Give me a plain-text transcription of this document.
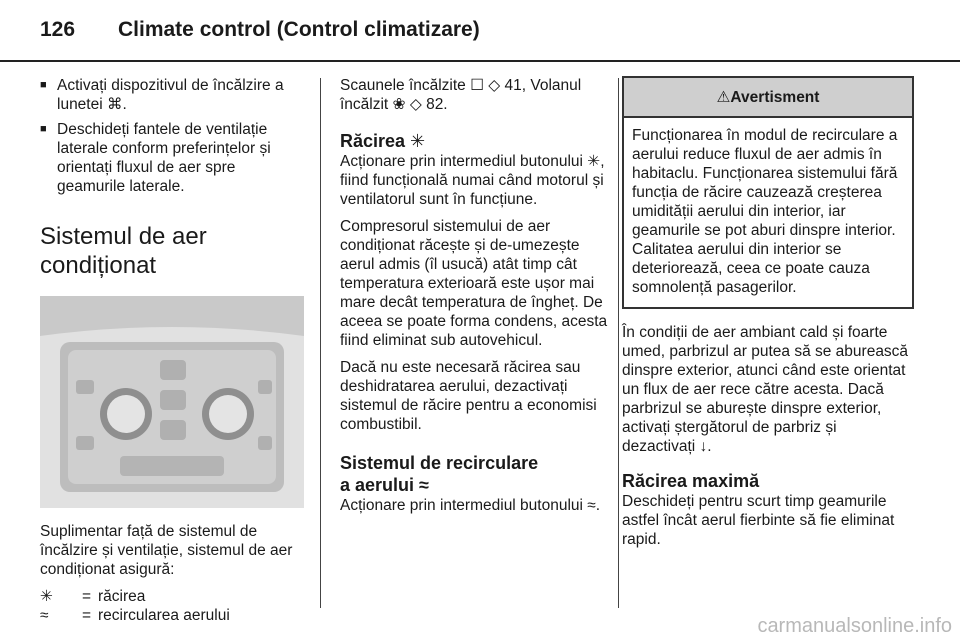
126 Climate control (Control climatizare)
■ Activați dispozitivul de încălzire a lunetei ⌘.
■ Deschideți fantele de ventilație laterale conform preferințelor și orientați fluxul de aer spre geamurile laterale.
Sistemul de aer condiționat

Suplimentar față de sistemul de încălzire și ventilație, sistemul de aer condiționat asigură:

✳	= răcirea
≈	= recircularea aerului

Scaunele încălzite ☐ ◇ 41, Volanul încălzit ❀ ◇ 82.

Răcirea ✳

Acționare prin intermediul butonului ✳, fiind funcțională numai când motorul și ventilatorul sunt în funcțiune.

Compresorul sistemului de aer condiționat răcește și de-umezește aerul admis (îl usucă) atât timp cât temperatura exterioară este ușor mai mare decât temperatura de îngheț. De aceea se poate forma condens, acesta fiind eliminat sub autovehicul.

Dacă nu este necesară răcirea sau deshidratarea aerului, dezactivați sistemul de răcire pentru a economisi combustibil.

Sistemul de recirculare
a aerului ≈

Acționare prin intermediul butonului ≈.

⚠Avertisment
Funcționarea în modul de recirculare a aerului reduce fluxul de aer admis în habitaclu. Funcționarea sistemului fără funcția de răcire cauzează creșterea umidității aerului din interior, iar geamurile se pot aburi dinspre interior. Calitatea aerului din interior se deteriorează, ceea ce poate cauza somnolență pasagerilor.

În condiții de aer ambiant cald și foarte umed, parbrizul ar putea să se aburească dinspre exterior, atunci când este orientat un flux de aer rece către acesta. Dacă parbrizul se aburește dinspre exterior, activați ștergătorul de parbriz și dezactivați ↓.

Răcirea maximă

Deschideți pentru scurt timp geamurile astfel încât aerul fierbinte să fie eliminat rapid.

carmanualsonline.info
